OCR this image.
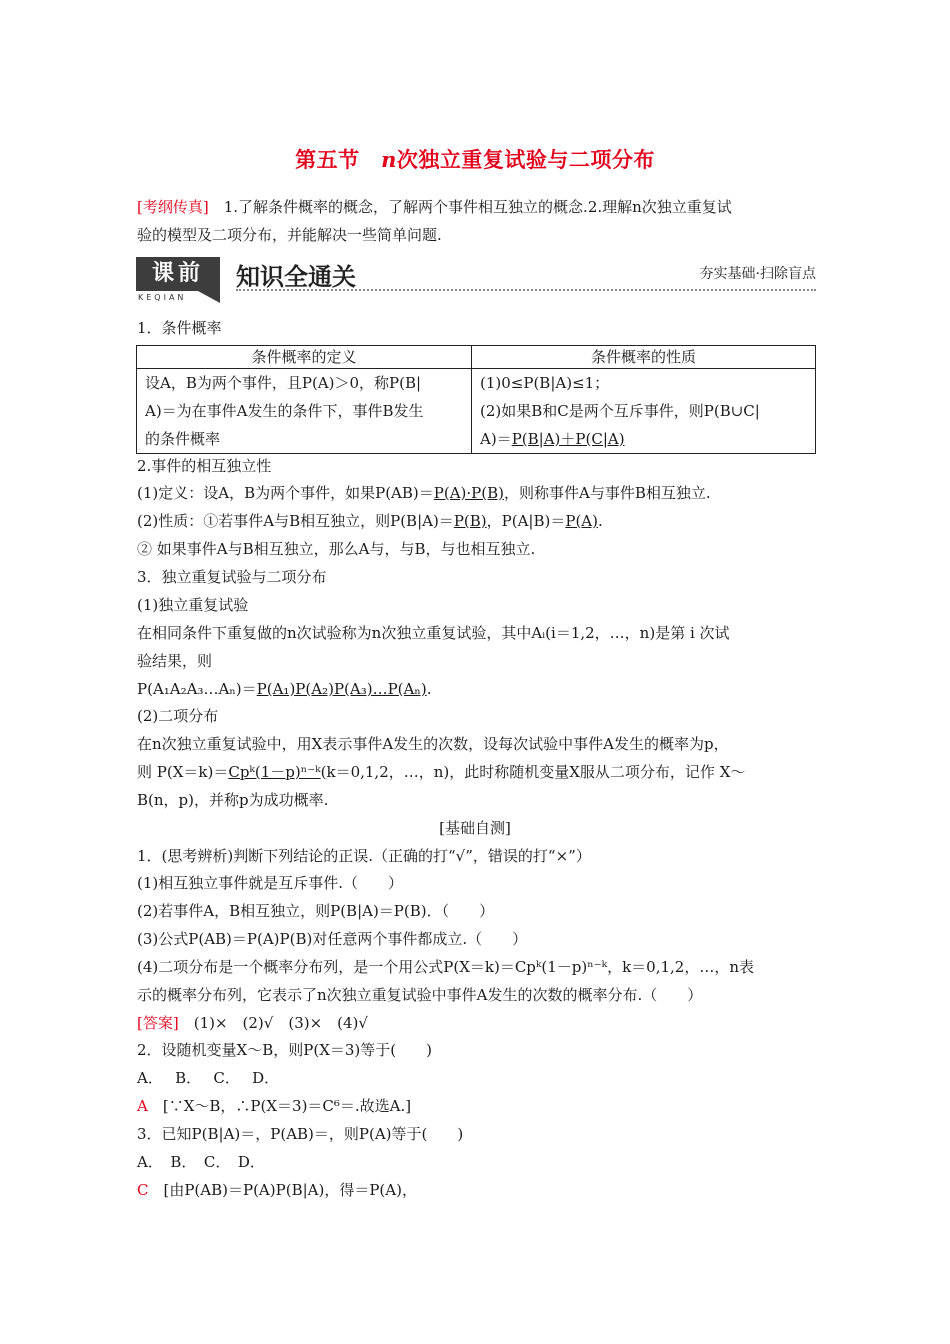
第五节　n次独立重复试验与二项分布
[考纲传真]　 1.了解条件概率的概念，了解两个事件相互独立的概念.2.理解n次独立重复试
验的模型及二项分布，并能解决一些简单问题.
课前
KEQIAN
知识全通关	夯实基础·扫除盲点
1．条件概率
条件概率的定义	条件概率的性质
设A，B为两个事件，且P(A)＞0，称P(B|
A)＝为在事件A发生的条件下，事件B发生
的条件概率	(1)0≤P(B|A)≤1；
(2)如果B和C是两个互斥事件，则P(B∪C|
A)＝P(B|A)＋P(C|A)
2.事件的相互独立性
(1)定义：设A，B为两个事件，如果P(AB)＝P(A)·P(B)，则称事件A与事件B相互独立.
(2)性质：①若事件A与B相互独立，则P(B|A)＝P(B)，P(A|B)＝P(A).
② 如果事件A与B相互独立，那么A与，与B，与也相互独立.
3．独立重复试验与二项分布
(1)独立重复试验
在相同条件下重复做的n次试验称为n次独立重复试验，其中Aᵢ(i＝1,2，…，n)是第 i 次试
验结果，则
P(A₁A₂A₃…Aₙ)＝P(A₁)P(A₂)P(A₃)…P(Aₙ).
(2)二项分布
在n次独立重复试验中，用X表示事件A发生的次数，设每次试验中事件A发生的概率为p，
则 P(X＝k)＝Cpᵏ(1－p)ⁿ⁻ᵏ(k＝0,1,2，…，n)，此时称随机变量X服从二项分布，记作 X～
B(n，p)，并称p为成功概率.
[基础自测]
1．(思考辨析)判断下列结论的正误.（正确的打“√”，错误的打“×”）
(1)相互独立事件就是互斥事件.（　　）
(2)若事件A，B相互独立，则P(B|A)＝P(B)．（　　）
(3)公式P(AB)＝P(A)P(B)对任意两个事件都成立.（　　）
(4)二项分布是一个概率分布列，是一个用公式P(X＝k)＝Cpᵏ(1－p)ⁿ⁻ᵏ，k＝0,1,2，…，n表
示的概率分布列，它表示了n次独立重复试验中事件A发生的次数的概率分布.（　　）
[答案]　(1)×　(2)√　(3)×　(4)√
2．设随机变量X～B，则P(X＝3)等于(　　)
A．　 B．　 C．　 D．
A　[∵X～B，∴P(X＝3)＝C⁶＝.故选A.]
3．已知P(B|A)＝，P(AB)＝，则P(A)等于(　　)
A．　B．　C．　D．
C　[由P(AB)＝P(A)P(B|A)，得＝P(A)，
